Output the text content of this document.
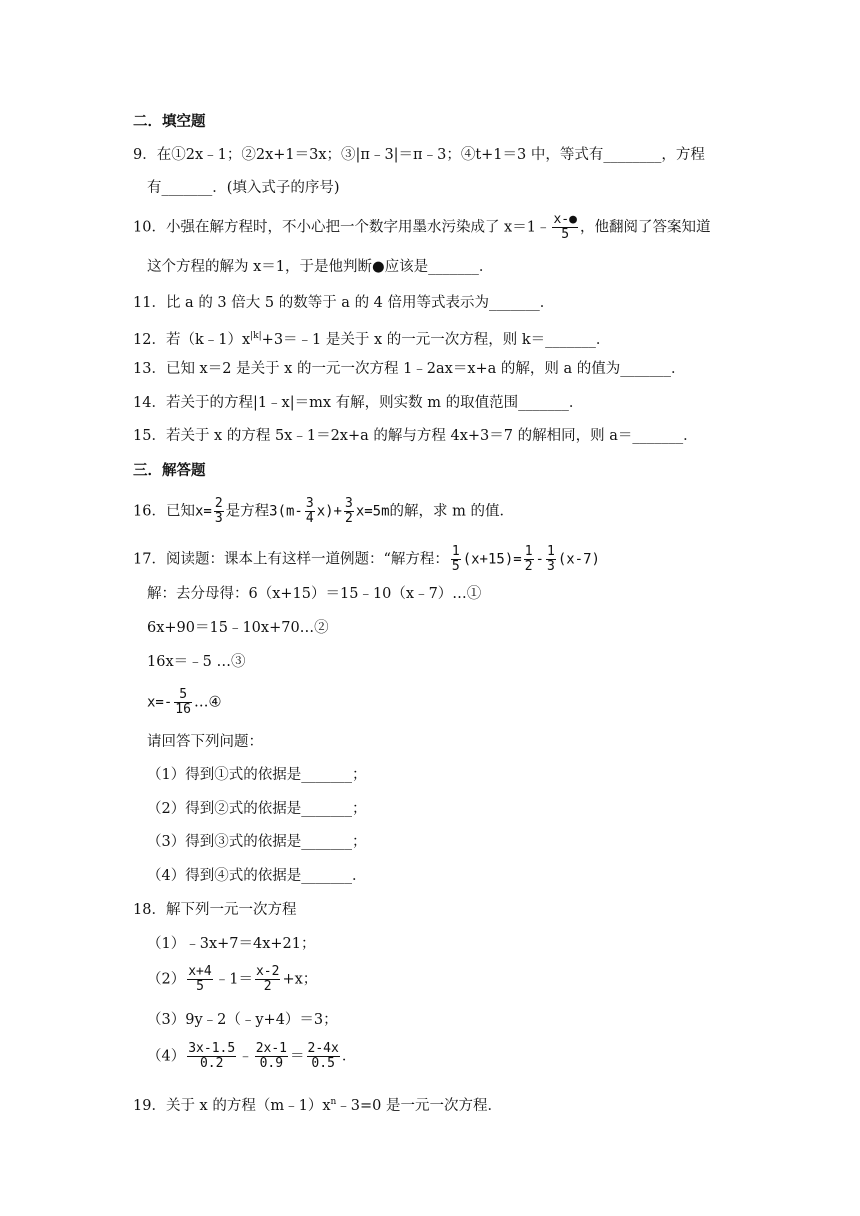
二．填空题
9．在①2x﹣1；②2x+1＝3x；③|π﹣3|＝π﹣3；④t+1＝3 中，等式有________，方程
有_______．(填入式子的序号)
10．小强在解方程时，不小心把一个数字用墨水污染成了 x＝1﹣ $\frac{x-●}{5}$ ，他翻阅了答案知道
这个方程的解为 x＝1，于是他判断●应该是_______．
11．比 a 的 3 倍大 5 的数等于 a 的 4 倍用等式表示为_______．
12．若$(k﹣1)x^{|k|}+3=﹣1$ 是关于 x 的一元一次方程，则 k＝_______．
13．已知 x＝2 是关于 x 的一元一次方程 1﹣2ax＝x+a 的解，则 a 的值为_______．
14．若关于的方程|1﹣x|＝mx 有解，则实数 m 的取值范围_______．
15．若关于 x 的方程 5x﹣1＝2x+a 的解与方程 4x+3＝7 的解相同，则 a＝_______．
三．解答题
16．已知$x= \frac{2}{3}$ 是方程$3(m- \frac{3}{4} x)+ \frac{3}{2} x=5m$的解，求 m 的值．
17．阅读题：课本上有这样一道例题：“解方程： $\frac{1}{5} (x+15)= \frac{1}{2} - \frac{1}{3} (x-7)$
解：去分母得：6（x+15）＝15﹣10（x﹣7）…①
6x+90＝15﹣10x+70…②
16x＝﹣5 …③
$x=- \frac{5}{16}$ …④
请回答下列问题：
（1）得到①式的依据是_______；
（2）得到②式的依据是_______；
（3）得到③式的依据是_______；
（4）得到④式的依据是_______．
18．解下列一元一次方程
（1）﹣3x+7＝4x+21；
$(2) \frac{x+4}{5}$ ﹣1＝ $\frac{x-2}{2} +x$；
（3）9y﹣2（﹣y+4）＝3；
$(4) \frac{3x-1.5}{0.2}$ ﹣ $\frac{2x-1}{0.9} = \frac{2-4x}{0.5}$ ．
19．关于 x 的方程$(m﹣1)x^n﹣3=0$ 是一元一次方程．
